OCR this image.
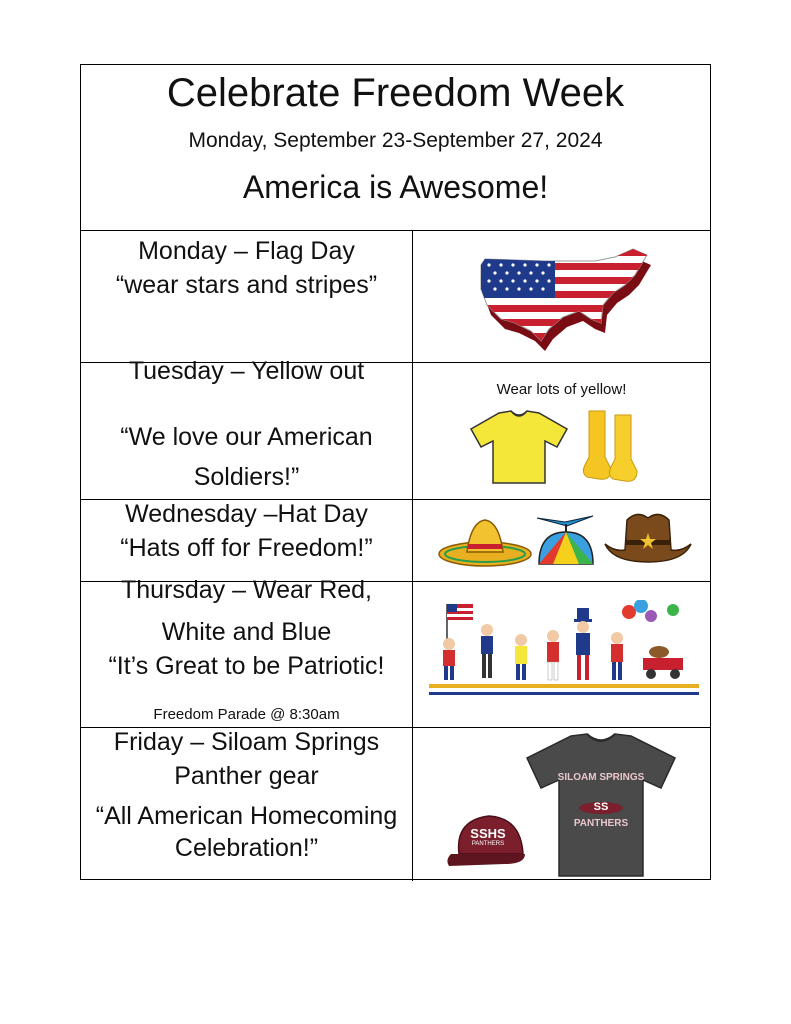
Celebrate Freedom Week
Monday, September 23-September 27, 2024
America is Awesome!
Monday – Flag Day
“wear stars and stripes”
Tuesday – Yellow out
“We love our American
Soldiers!”
Wear lots of yellow!
Wednesday –Hat Day
“Hats off for Freedom!”
Thursday – Wear Red,
White and Blue
“It’s Great to be Patriotic!
Freedom Parade @ 8:30am
Friday – Siloam Springs
Panther gear
“All American Homecoming
Celebration!”
SSHS
PANTHERS
SILOAM SPRINGS
SS
PANTHERS
